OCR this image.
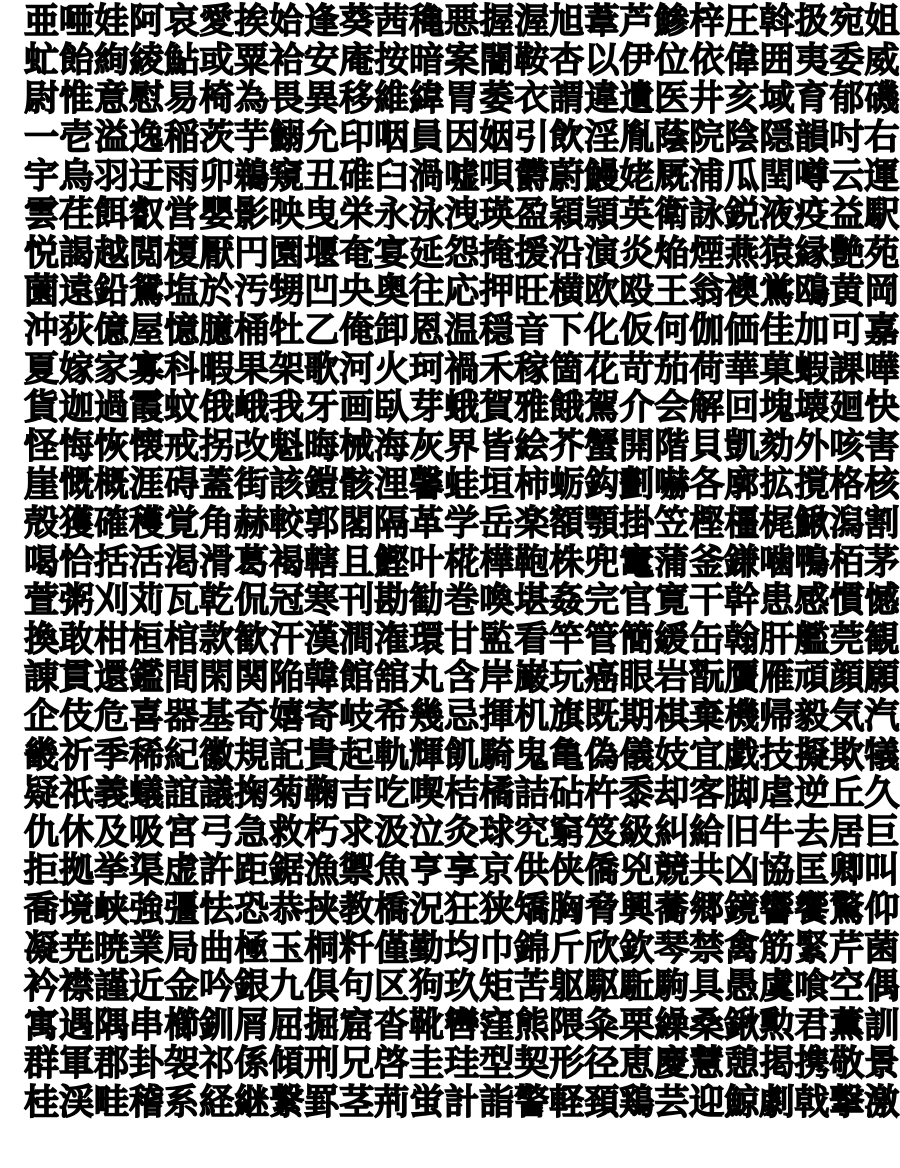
亜 唖 娃 阿 哀 愛 挨 姶 逢 葵 茜 穐 悪 握 渥 旭 葦 芦 鯵 梓 圧 斡 扱 宛 姐
虻 飴 絢 綾 鮎 或 粟 袷 安 庵 按 暗 案 闇 鞍 杏 以 伊 位 依 偉 囲 夷 委 威
尉 惟 意 慰 易 椅 為 畏 異 移 維 緯 胃 萎 衣 謂 違 遺 医 井 亥 域 育 郁 磯
一 壱 溢 逸 稲 茨 芋 鰯 允 印 咽 員 因 姻 引 飲 淫 胤 蔭 院 陰 隠 韻 吋 右
宇 烏 羽 迂 雨 卯 鵜 窺 丑 碓 臼 渦 嘘 唄 欝 蔚 鰻 姥 厩 浦 瓜 閏 噂 云 運
雲 荏 餌 叡 営 嬰 影 映 曳 栄 永 泳 洩 瑛 盈 穎 頴 英 衛 詠 鋭 液 疫 益 駅
悦 謁 越 閲 榎 厭 円 園 堰 奄 宴 延 怨 掩 援 沿 演 炎 焔 煙 燕 猿 縁 艶 苑
薗 遠 鉛 鴛 塩 於 汚 甥 凹 央 奥 往 応 押 旺 横 欧 殴 王 翁 襖 鴬 鴎 黄 岡
沖 荻 億 屋 憶 臆 桶 牡 乙 俺 卸 恩 温 穏 音 下 化 仮 何 伽 価 佳 加 可 嘉
夏 嫁 家 寡 科 暇 果 架 歌 河 火 珂 禍 禾 稼 箇 花 苛 茄 荷 華 菓 蝦 課 嘩
貨 迦 過 霞 蚊 俄 峨 我 牙 画 臥 芽 蛾 賀 雅 餓 駕 介 会 解 回 塊 壊 廻 快
怪 悔 恢 懐 戒 拐 改 魁 晦 械 海 灰 界 皆 絵 芥 蟹 開 階 貝 凱 劾 外 咳 害
崖 慨 概 涯 碍 蓋 街 該 鎧 骸 浬 馨 蛙 垣 柿 蛎 鈎 劃 嚇 各 廓 拡 撹 格 核
殻 獲 確 穫 覚 角 赫 較 郭 閣 隔 革 学 岳 楽 額 顎 掛 笠 樫 橿 梶 鰍 潟 割
喝 恰 括 活 渇 滑 葛 褐 轄 且 鰹 叶 椛 樺 鞄 株 兜 竃 蒲 釜 鎌 噛 鴨 栢 茅
萱 粥 刈 苅 瓦 乾 侃 冠 寒 刊 勘 勧 巻 喚 堪 姦 完 官 寛 干 幹 患 感 慣 憾
換 敢 柑 桓 棺 款 歓 汗 漢 澗 潅 環 甘 監 看 竿 管 簡 緩 缶 翰 肝 艦 莞 観
諌 貫 還 鑑 間 閑 関 陥 韓 館 舘 丸 含 岸 巌 玩 癌 眼 岩 翫 贋 雁 頑 顔 願
企 伎 危 喜 器 基 奇 嬉 寄 岐 希 幾 忌 揮 机 旗 既 期 棋 棄 機 帰 毅 気 汽
畿 祈 季 稀 紀 徽 規 記 貴 起 軌 輝 飢 騎 鬼 亀 偽 儀 妓 宜 戯 技 擬 欺 犠
疑 祇 義 蟻 誼 議 掬 菊 鞠 吉 吃 喫 桔 橘 詰 砧 杵 黍 却 客 脚 虐 逆 丘 久
仇 休 及 吸 宮 弓 急 救 朽 求 汲 泣 灸 球 究 窮 笈 級 糾 給 旧 牛 去 居 巨
拒 拠 挙 渠 虚 許 距 鋸 漁 禦 魚 亨 享 京 供 侠 僑 兇 競 共 凶 協 匡 卿 叫
喬 境 峡 強 彊 怯 恐 恭 挟 教 橋 況 狂 狭 矯 胸 脅 興 蕎 郷 鏡 響 饗 驚 仰
凝 尭 暁 業 局 曲 極 玉 桐 粁 僅 勤 均 巾 錦 斤 欣 欽 琴 禁 禽 筋 緊 芹 菌
衿 襟 謹 近 金 吟 銀 九 倶 句 区 狗 玖 矩 苦 躯 駆 駈 駒 具 愚 虞 喰 空 偶
寓 遇 隅 串 櫛 釧 屑 屈 掘 窟 沓 靴 轡 窪 熊 隈 粂 栗 繰 桑 鍬 勲 君 薫 訓
群 軍 郡 卦 袈 祁 係 傾 刑 兄 啓 圭 珪 型 契 形 径 恵 慶 慧 憩 掲 携 敬 景
桂 渓 畦 稽 系 経 継 繋 罫 茎 荊 蛍 計 詣 警 軽 頚 鶏 芸 迎 鯨 劇 戟 撃 激
